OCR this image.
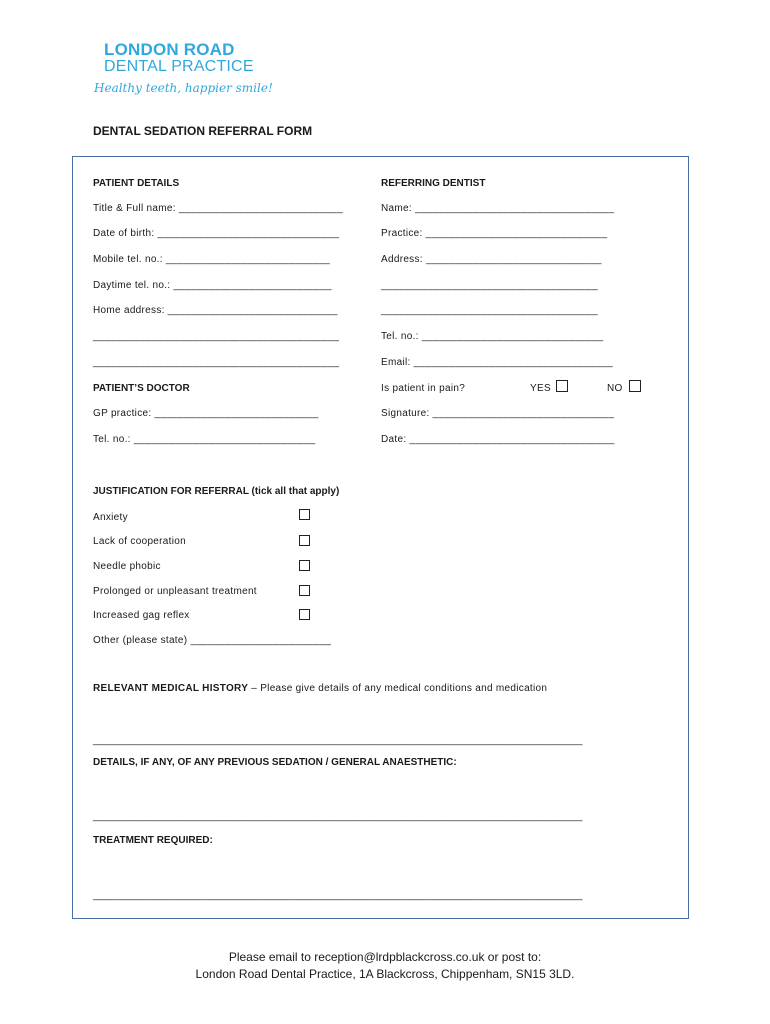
LONDON ROAD
DENTAL PRACTICE
Healthy teeth, happier smile!
DENTAL SEDATION REFERRAL FORM
PATIENT DETAILS
Title & Full name: ____________________________
Date of birth: _______________________________
Mobile tel. no.: ____________________________
Daytime tel. no.: ___________________________
Home address: _____________________________
__________________________________________
__________________________________________
REFERRING DENTIST
Name: __________________________________
Practice: _______________________________
Address: ______________________________
_____________________________________
_____________________________________
Tel. no.: _______________________________
Email: __________________________________
Is patient in pain?	YES	NO
Signature: _______________________________
Date: ___________________________________
PATIENT’S DOCTOR
GP practice: ____________________________
Tel. no.: _______________________________
JUSTIFICATION FOR REFERRAL (tick all that apply)
Anxiety
Lack of cooperation
Needle phobic
Prolonged or unpleasant treatment
Increased gag reflex
Other (please state) ________________________
RELEVANT MEDICAL HISTORY – Please give details of any medical conditions and medication
________________________________________________________________________________________
DETAILS, IF ANY, OF ANY PREVIOUS SEDATION / GENERAL ANAESTHETIC:
________________________________________________________________________________________
TREATMENT REQUIRED:
________________________________________________________________________________________
Please email to reception@lrdpblackcross.co.uk or post to:
London Road Dental Practice, 1A Blackcross, Chippenham, SN15 3LD.
